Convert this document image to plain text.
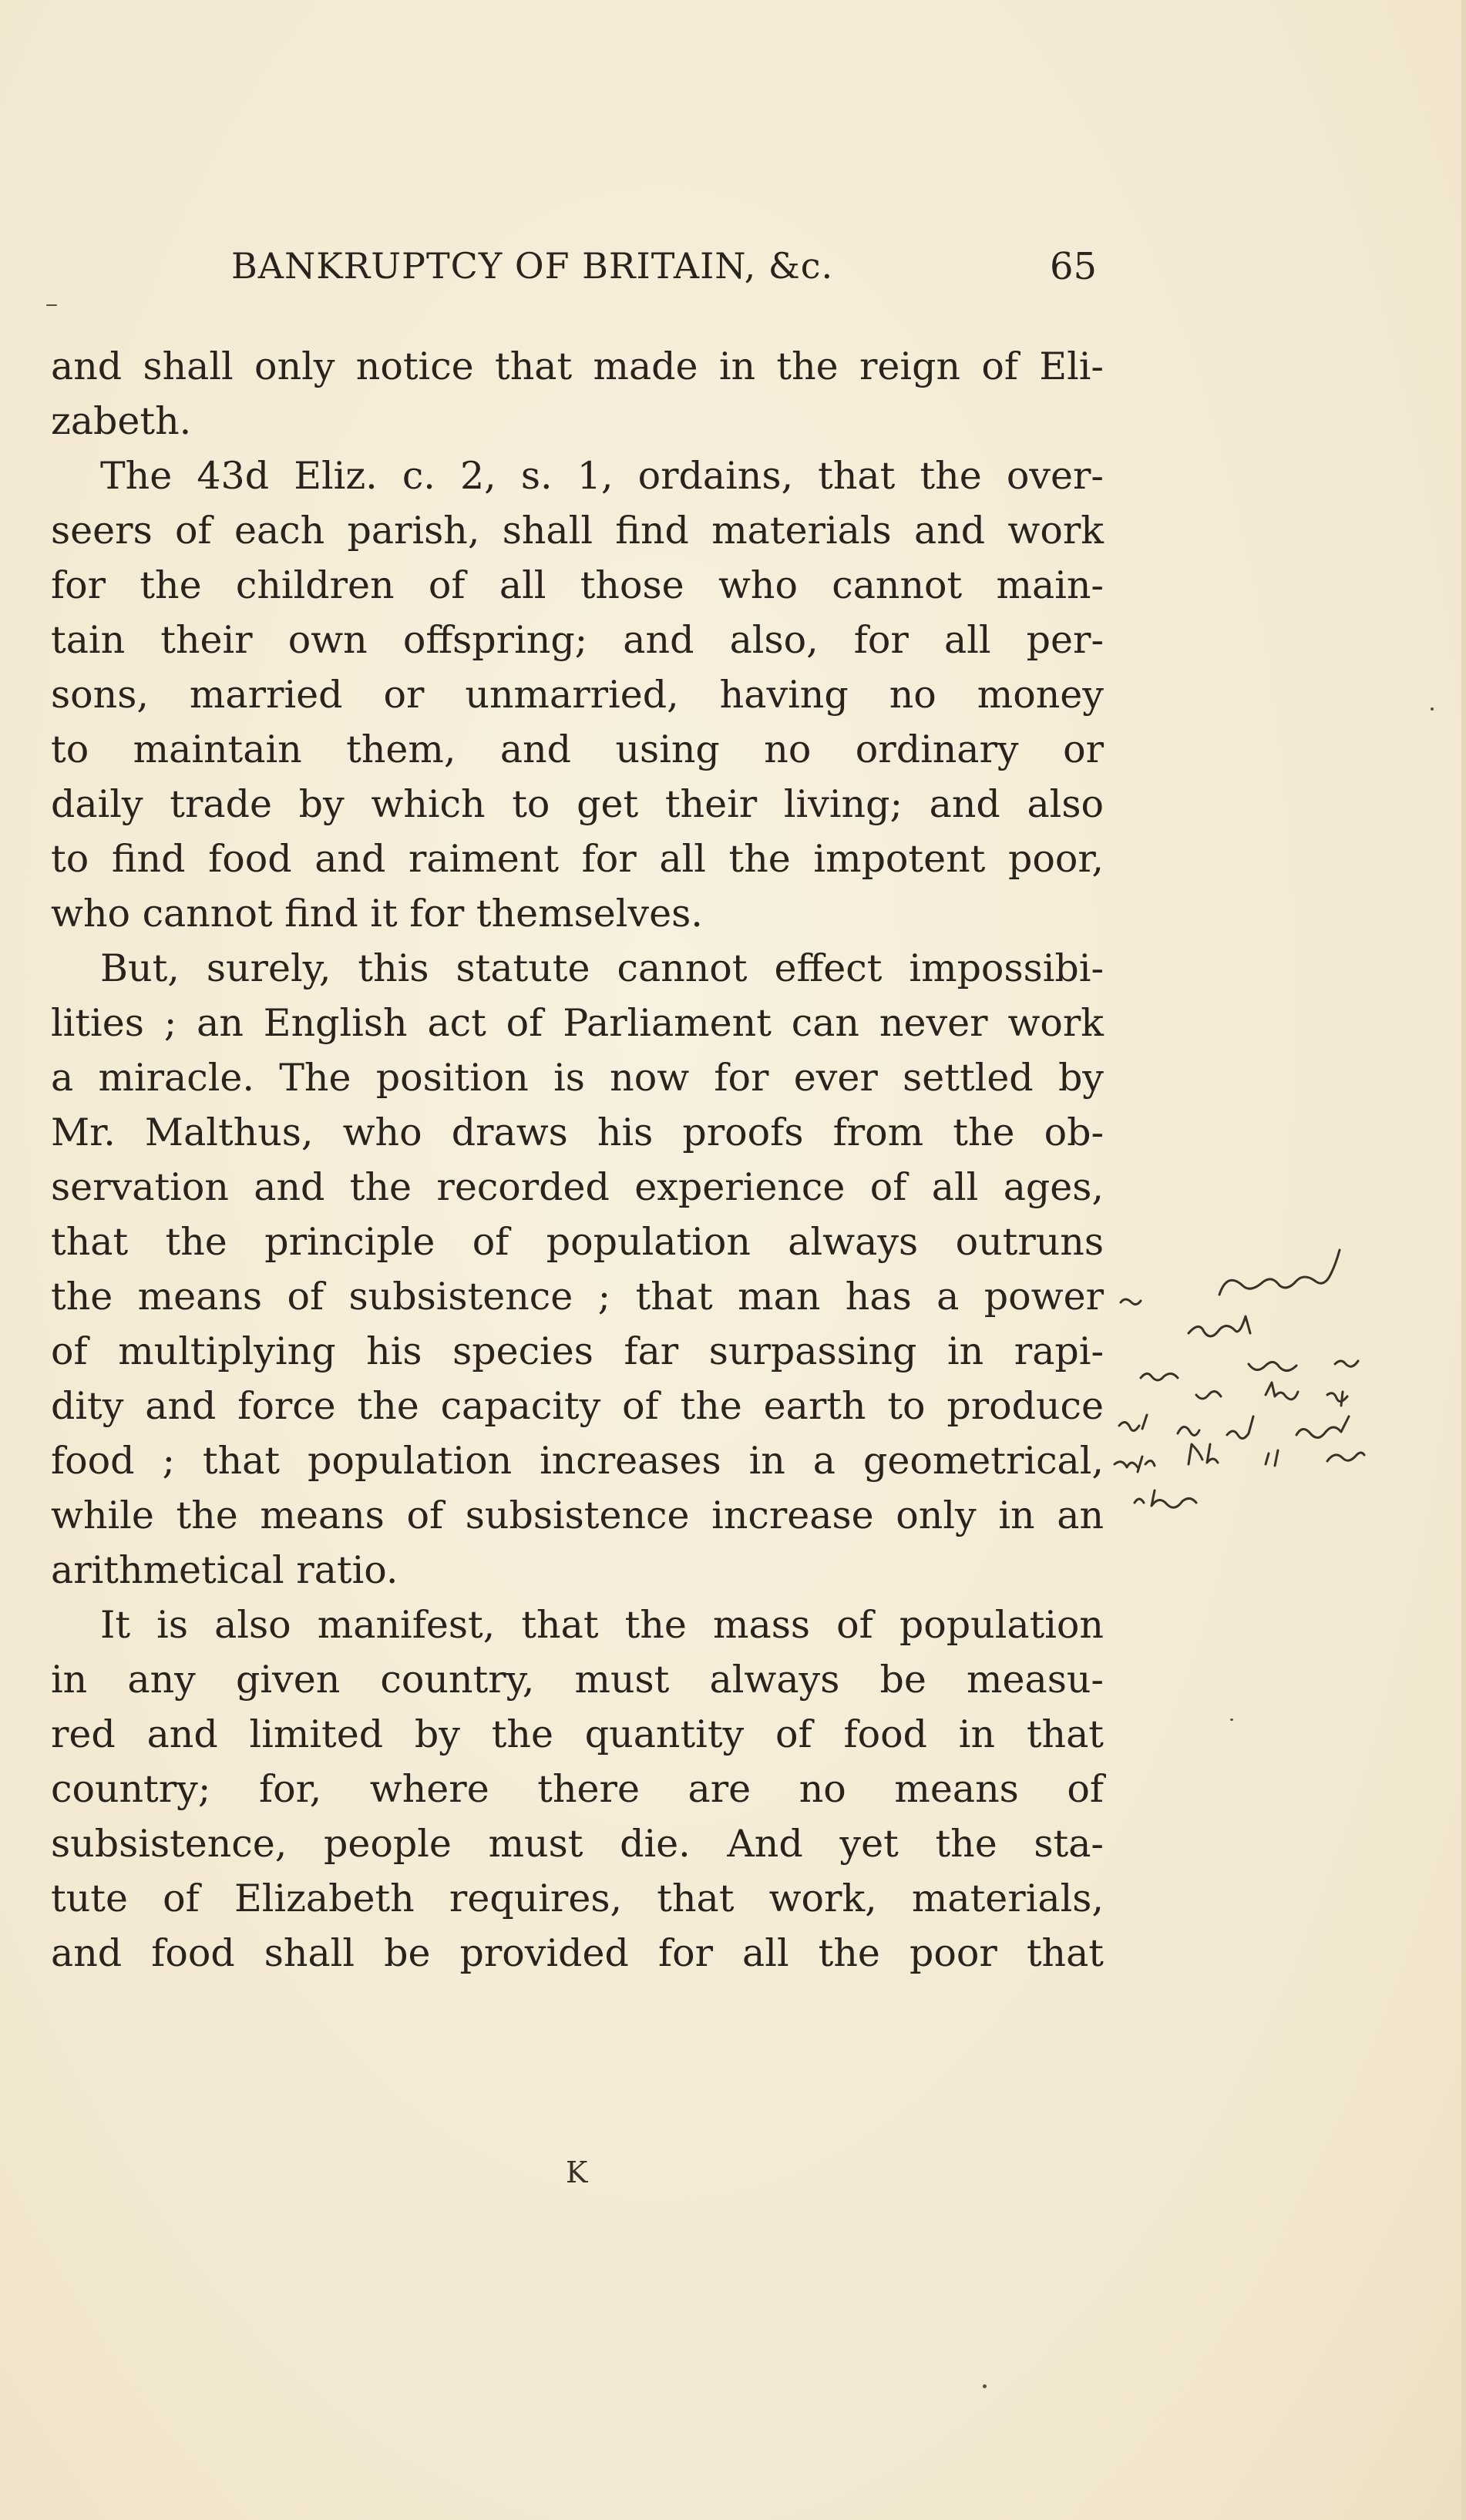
BANKRUPTCY OF BRITAIN, &c.	65
and shall only notice that made in the reign of Eli-
zabeth.
The 43d Eliz. c. 2, s. 1, ordains, that the over-
seers of each parish, shall find materials and work
for the children of all those who cannot main-
tain their own offspring; and also, for all per-
sons, married or unmarried, having no money
to maintain them, and using no ordinary or
daily trade by which to get their living; and also
to find food and raiment for all the impotent poor,
who cannot find it for themselves.
But, surely, this statute cannot effect impossibi-
lities ; an English act of Parliament can never work
a miracle. The position is now for ever settled by
Mr. Malthus, who draws his proofs from the ob-
servation and the recorded experience of all ages,
that the principle of population always outruns
the means of subsistence ; that man has a power
of multiplying his species far surpassing in rapi-
dity and force the capacity of the earth to produce
food ; that population increases in a geometrical,
while the means of subsistence increase only in an
arithmetical ratio.
It is also manifest, that the mass of population
in any given country, must always be measu-
red and limited by the quantity of food in that
country; for, where there are no means of
subsistence, people must die. And yet the sta-
tute of Elizabeth requires, that work, materials,
and food shall be provided for all the poor that
K
